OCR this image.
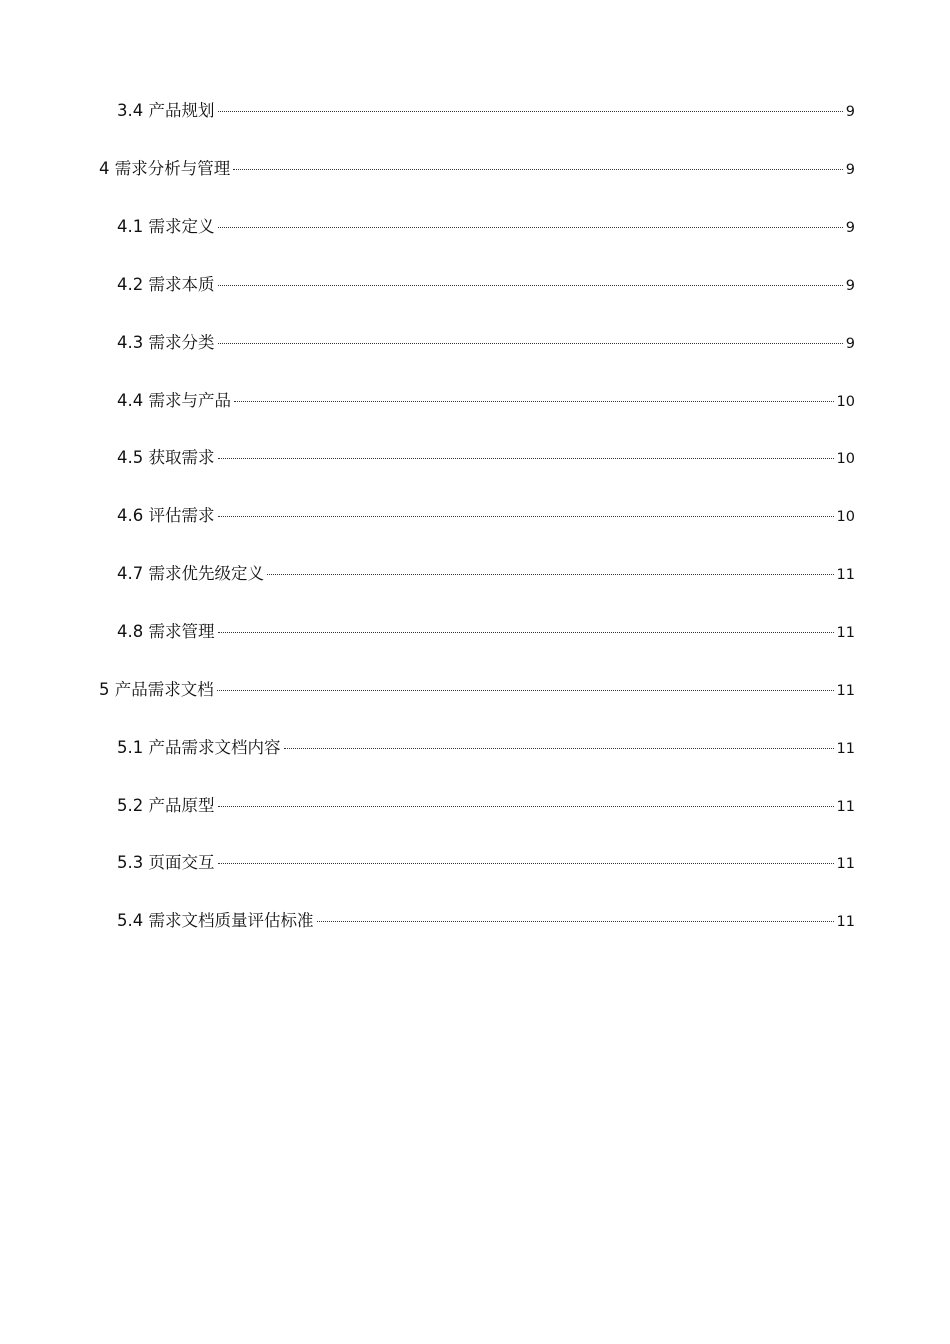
3.4 产品规划	9
4 需求分析与管理	9
4.1 需求定义	9
4.2 需求本质	9
4.3 需求分类	9
4.4 需求与产品	10
4.5 获取需求	10
4.6 评估需求	10
4.7 需求优先级定义	11
4.8 需求管理	11
5 产品需求文档	11
5.1 产品需求文档内容	11
5.2 产品原型	11
5.3 页面交互	11
5.4 需求文档质量评估标准	11
